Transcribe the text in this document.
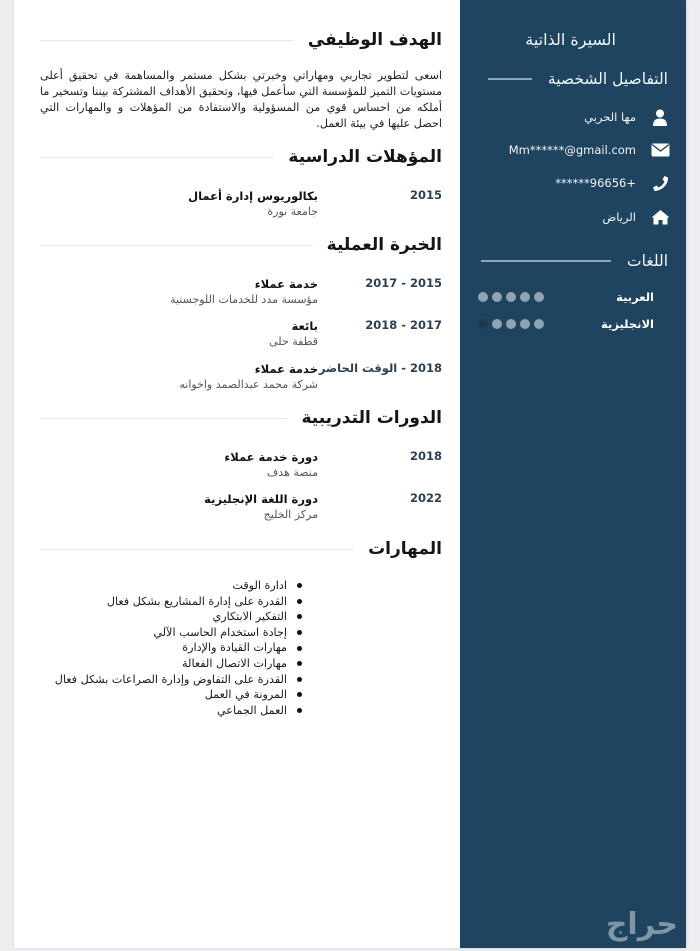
السيرة الذاتية
التفاصيل الشخصية
مها الحربي
Mm******@gmail.com
+96656******
الرياض
اللغات
العربية
الانجليزية
حراج
الهدف الوظيفي

اسعى لتطوير تجاربي ومهاراتي وخبرتي بشكل مستمر والمساهمة في تحقيق أعلى مستويات التميز للمؤسسة التي سأعمل فيها، وتحقيق الأهداف المشتركة بيننا وتسخير ما أملكه من احساس قوي من المسؤولية والاستفادة من المؤهلات و والمهارات التي احصل عليها في بيئة العمل.

المؤهلات الدراسية
2015
بكالوريوس إدارة أعمال
جامعة نورة
الخبرة العملية
2015 - 2017
خدمة عملاء
مؤسسة مدد للخدمات اللوجستية
2017 - 2018
بائعة
قطفة حلى
2018 - الوقت الحاضر
خدمة عملاء
شركة محمد عبدالصمد واخوانه
الدورات التدريبية
2018
دورة خدمة عملاء
منصة هدف
2022
دورة اللغة الإنجليزية
مركز الخليج
المهارات
ادارة الوقت
القدرة على إدارة المشاريع بشكل فعال
التفكير الابتكاري
إجادة استخدام الحاسب الآلي
مهارات القيادة والإدارة
مهارات الاتصال الفعالة
القدرة على التفاوض وإدارة الصراعات بشكل فعال
المرونة في العمل
العمل الجماعي
